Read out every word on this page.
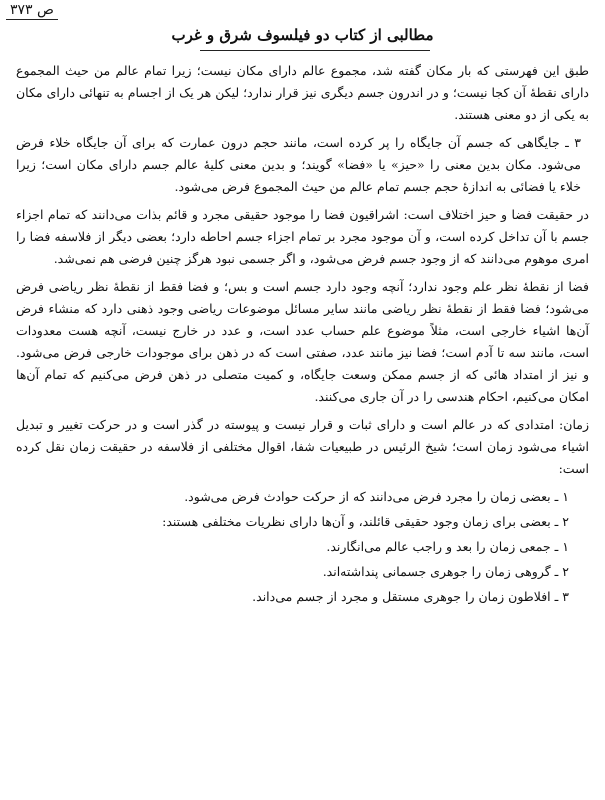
ص ۳۷۳
مطالبی از کتاب دو فیلسوف شرق و غرب

طبق این فهرستی که بار مکان گفته شد، مجموع عالم دارای مکان نیست؛ زیرا تمام عالم من حیث المجموع دارای نقطهٔ آن کجا نیست؛ و در اندرون جسم دیگری نیز قرار ندارد؛ لیکن هر یک از اجسام به تنهائی دارای مکان به یکی از دو معنی هستند.

۳ ـ جایگاهی که جسم آن جایگاه را پر کرده است، مانند حجم درون عمارت که برای آن جایگاه خلاء فرض می‌شود. مکان بدین معنی را «حیز» یا «فضا» گویند؛ و بدین معنی کلیهٔ عالم جسم دارای مکان است؛ زیرا خلاء یا فضائی به اندازهٔ حجم جسم تمام عالم من حیث المجموع فرض می‌شود.

در حقیقت فضا و حیز اختلاف است: اشراقیون فضا را موجود حقیقی مجرد و قائم بذات می‌دانند که تمام اجزاء جسم با آن تداخل کرده است، و آن موجود مجرد بر تمام اجزاء جسم احاطه دارد؛ بعضی دیگر از فلاسفه فضا را امری موهوم می‌دانند که از وجود جسم فرض می‌شود، و اگر جسمی نبود هرگز چنین فرضی هم نمی‌شد.

فضا از نقطهٔ نظر علم وجود ندارد؛ آنچه وجود دارد جسم است و بس؛ و فضا فقط از نقطهٔ نظر ریاضی فرض می‌شود؛ فضا فقط از نقطهٔ نظر ریاضی مانند سایر مسائل موضوعات ریاضی وجود ذهنی دارد که منشاء فرض آن‌ها اشیاء خارجی است، مثلاً موضوع علم حساب عدد است، و عدد در خارج نیست، آنچه هست معدودات است، مانند سه تا آدم است؛ فضا نیز مانند عدد، صفتی است که در ذهن برای موجودات خارجی فرض می‌شود. و نیز از امتداد هائی که از جسم ممکن وسعت جایگاه، و کمیت متصلی در ذهن فرض می‌کنیم که تمام آن‌ها امکان می‌کنیم، احکام هندسی را در آن جاری می‌کنند.

زمان: امتدادی که در عالم است و دارای ثبات و قرار نیست و پیوسته در گذر است و در حرکت تغییر و تبدیل اشیاء می‌شود زمان است؛ شیخ الرئیس در طبیعیات شفا، اقوال مختلفی از فلاسفه در حقیقت زمان نقل کرده است:

۱ ـ بعضی زمان را مجرد فرض می‌دانند که از حرکت حوادث فرض می‌شود.
۲ ـ بعضی برای زمان وجود حقیقی قائلند، و آن‌ها دارای نظریات مختلفی هستند:
۱ ـ جمعی زمان را بعد و راجب عالم می‌انگارند.
۲ ـ گروهی زمان را جوهری جسمانی پنداشته‌اند.
۳ ـ افلاطون زمان را جوهری مستقل و مجرد از جسم می‌داند.
